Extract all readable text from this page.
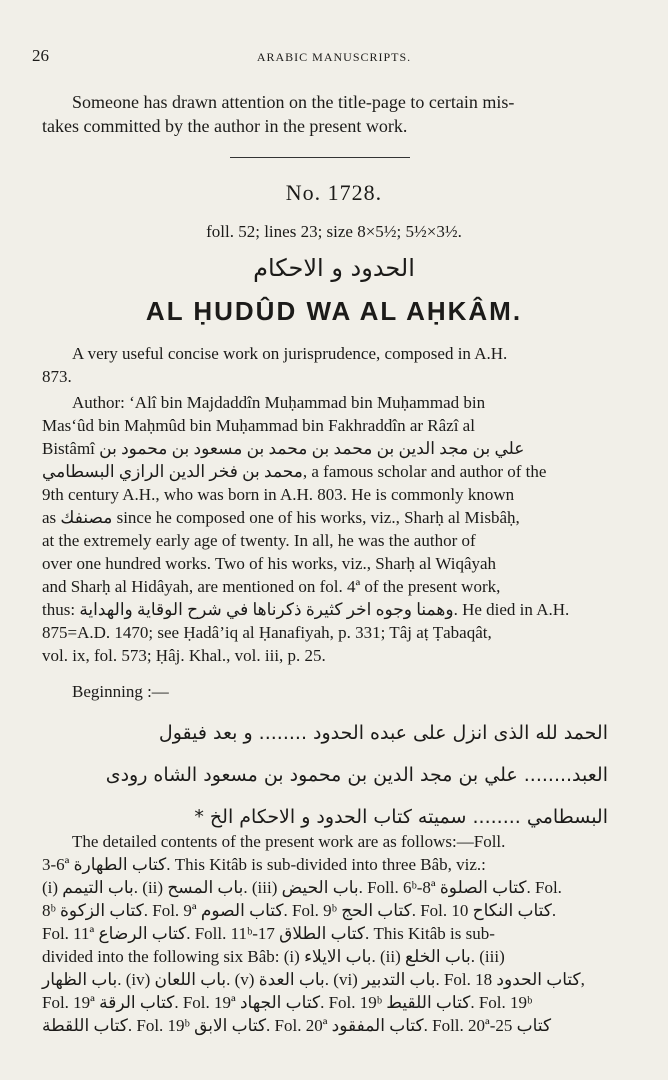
26	ARABIC MANUSCRIPTS.
Someone has drawn attention on the title-page to certain mis-
takes committed by the author in the present work.
No. 1728.
foll. 52; lines 23; size 8×5½; 5½×3½.
الحدود و الاحكام
AL ḤUDÛD WA AL AḤKÂM.
A very useful concise work on jurisprudence, composed in A.H.
873.
Author: ‘Alî bin Majdaddîn Muḥammad bin Muḥammad bin
Mas‘ûd bin Maḥmûd bin Muḥammad bin Fakhraddîn ar Râzî al
Bistâmî علي بن مجد الدين بن محمد بن محمد بن مسعود بن محمود بن
محمد بن فخر الدين الرازي البسطامي, a famous scholar and author of the
9th century A.H., who was born in A.H. 803. He is commonly known
as مصنفك since he composed one of his works, viz., Sharḥ al Misbâḥ,
at the extremely early age of twenty. In all, he was the author of
over one hundred works. Two of his works, viz., Sharḥ al Wiqâyah
and Sharḥ al Hidâyah, are mentioned on fol. 4ª of the present work,
thus: وهمنا وجوه اخر كثيرة ذكرناها في شرح الوقاية والهداية. He died in A.H.
875=A.D. 1470; see Ḥadâ’iq al Ḥanafiyah, p. 331; Tâj aṭ Ṭabaqât,
vol. ix, fol. 573; Ḥâj. Khal., vol. iii, p. 25.
Beginning :—
الحمد لله الذى انزل على عبده الحدود ........ و بعد فيقول
العبد........ علي بن مجد الدين بن محمود بن مسعود الشاه رودى
البسطامي ........ سميته كتاب الحدود و الاحكام الخ *
The detailed contents of the present work are as follows:—Foll.
3-6ª كتاب الطهارة. This Kitâb is sub-divided into three Bâb, viz.:
(i) باب التيمم. (ii) باب المسح. (iii) باب الحيض. Foll. 6ᵇ-8ª كتاب الصلوة. Fol.
8ᵇ كتاب الزكوة. Fol. 9ª كتاب الصوم. Fol. 9ᵇ كتاب الحج. Fol. 10 كتاب النكاح.
Fol. 11ª كتاب الرضاع. Foll. 11ᵇ-17 كتاب الطلاق. This Kitâb is sub-
divided into the following six Bâb: (i) باب الايلاء. (ii) باب الخلع. (iii)
باب الظهار. (iv) باب اللعان. (v) باب العدة. (vi) باب التدبير. Fol. 18 كتاب الحدود,
Fol. 19ª كتاب الرقة. Fol. 19ª كتاب الجهاد. Fol. 19ᵇ كتاب اللقيط. Fol. 19ᵇ
كتاب اللقطة. Fol. 19ᵇ كتاب الابق. Fol. 20ª كتاب المفقود. Foll. 20ª-25 كتاب
